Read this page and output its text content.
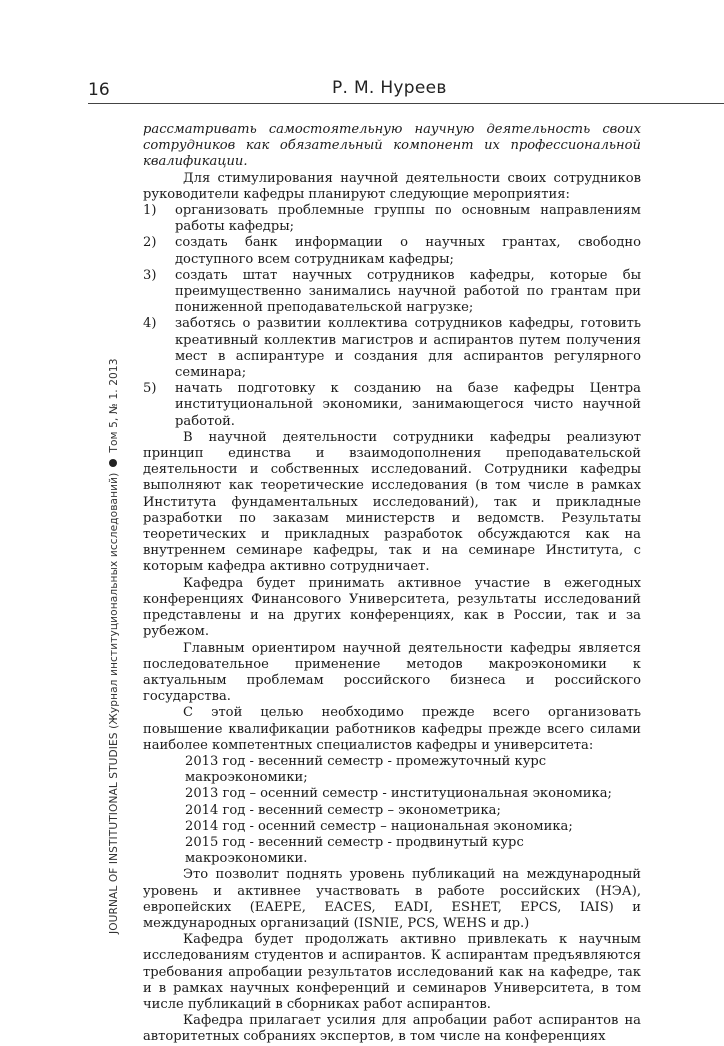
16	Р. М. Нуреев
JOURNAL OF INSTITUTIONAL STUDIES (Журнал институциональных исследований)Том 5, № 1. 2013

рассматривать самостоятельную научную деятельность своих сотрудников как обязательный компонент их профессиональной квалификации.

Для стимулирования научной деятельности своих сотрудников руководители кафедры планируют следующие мероприятия:

1) организовать проблемные группы по основным направлениям работы кафедры;
2) создать банк информации о научных грантах, свободно доступного всем сотрудникам кафедры;
3) создать штат научных сотрудников кафедры, которые бы преимущественно занимались научной работой по грантам при пониженной преподавательской нагрузке;
4) заботясь о развитии коллектива сотрудников кафедры, готовить креативный коллектив магистров и аспирантов путем получения мест в аспирантуре и создания для аспирантов регулярного семинара;
5) начать подготовку к созданию на базе кафедры Центра институциональной экономики, занимающегося чисто научной работой.

В научной деятельности сотрудники кафедры реализуют принцип единства и взаимодополнения преподавательской деятельности и собственных исследований. Сотрудники кафедры выполняют как теоретические исследования (в том числе в рамках Института фундаментальных исследований), так и прикладные разработки по заказам министерств и ведомств. Результаты теоретических и прикладных разработок обсуждаются как на внутреннем семинаре кафедры, так и на семинаре Института, с которым кафедра активно сотрудничает.

Кафедра будет принимать активное участие в ежегодных конференциях Финансового Университета, результаты исследований представлены и на других конференциях, как в России, так и за рубежом.

Главным ориентиром научной деятельности кафедры является последовательное применение методов макроэкономики к актуальным проблемам российского бизнеса и российского государства.

С этой целью необходимо прежде всего организовать повышение квалификации работников кафедры прежде всего силами наиболее компетентных специалистов кафедры и университета:

2013 год - весенний семестр - промежуточный курс макроэкономики;
2013 год – осенний семестр - институциональная экономика;
2014 год - весенний семестр – эконометрика;
2014 год - осенний семестр – национальная экономика;
2015 год - весенний семестр - продвинутый курс макроэкономики.

Это позволит поднять уровень публикаций на международный уровень и активнее участвовать в работе российских (НЭА), европейских (EAEPE, EACES, EADI, ESHET, EPCS, IAIS) и международных организаций (ISNIE, PCS, WEHS и др.)

Кафедра будет продолжать активно привлекать к научным исследованиям студентов и аспирантов. К аспирантам предъявляются требования апробации результатов исследований как на кафедре, так и в рамках научных конференций и семинаров Университета, в том числе публикаций в сборниках работ аспирантов.

Кафедра прилагает усилия для апробации работ аспирантов на авторитетных собраниях экспертов, в том числе на конференциях
